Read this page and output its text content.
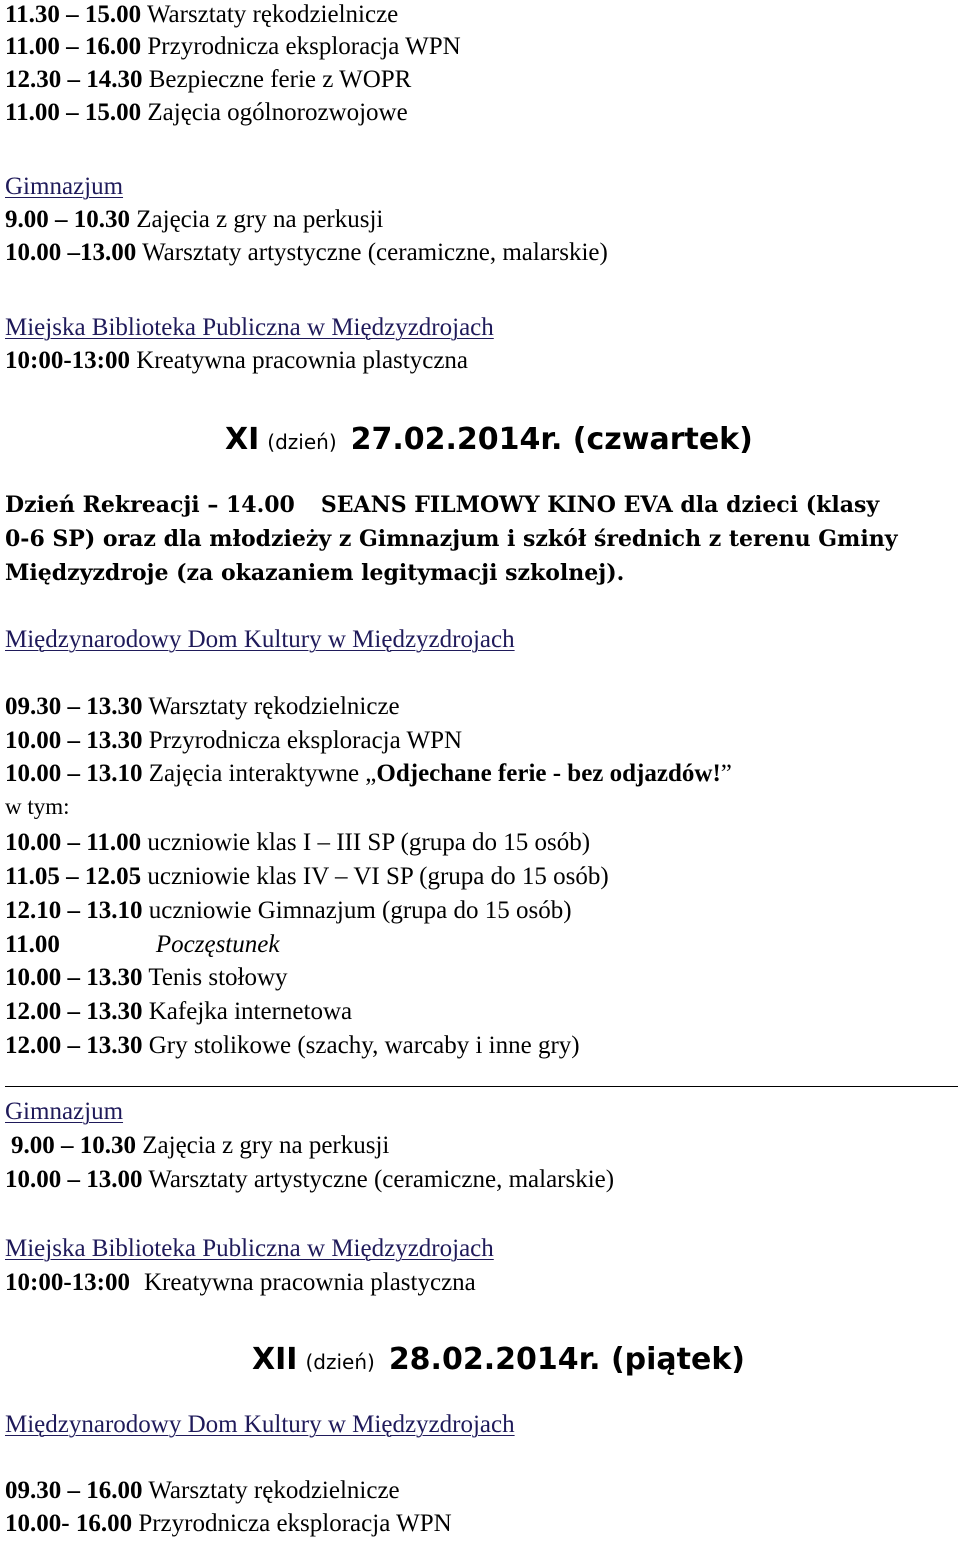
11.30 – 15.00 Warsztaty rękodzielnicze
11.00 – 16.00 Przyrodnicza eksploracja WPN
12.30 – 14.30 Bezpieczne ferie z WOPR
11.00 – 15.00 Zajęcia ogólnorozwojowe
Gimnazjum
9.00 – 10.30 Zajęcia z gry na perkusji
10.00 –13.00 Warsztaty artystyczne (ceramiczne, malarskie)
Miejska Biblioteka Publiczna w Międzyzdrojach
10:00-13:00 Kreatywna pracownia plastyczna
XI (dzień) 27.02.2014r. (czwartek)
Dzień Rekreacji – 14.00 SEANS FILMOWY KINO EVA dla dzieci (klasy
0-6 SP) oraz dla młodzieży z Gimnazjum i szkół średnich z terenu Gminy
Międzyzdroje (za okazaniem legitymacji szkolnej).
Międzynarodowy Dom Kultury w Międzyzdrojach
09.30 – 13.30 Warsztaty rękodzielnicze
10.00 – 13.30 Przyrodnicza eksploracja WPN
10.00 – 13.10 Zajęcia interaktywne „Odjechane ferie - bez odjazdów!”
w tym:
10.00 – 11.00 uczniowie klas I – III SP (grupa do 15 osób)
11.05 – 12.05 uczniowie klas IV – VI SP (grupa do 15 osób)
12.10 – 13.10 uczniowie Gimnazjum (grupa do 15 osób)
11.00	Poczęstunek
10.00 – 13.30 Tenis stołowy
12.00 – 13.30 Kafejka internetowa
12.00 – 13.30 Gry stolikowe (szachy, warcaby i inne gry)
Gimnazjum
9.00 – 10.30 Zajęcia z gry na perkusji
10.00 – 13.00 Warsztaty artystyczne (ceramiczne, malarskie)
Miejska Biblioteka Publiczna w Międzyzdrojach
10:00-13:00 Kreatywna pracownia plastyczna
XII (dzień) 28.02.2014r. (piątek)
Międzynarodowy Dom Kultury w Międzyzdrojach
09.30 – 16.00 Warsztaty rękodzielnicze
10.00- 16.00 Przyrodnicza eksploracja WPN
